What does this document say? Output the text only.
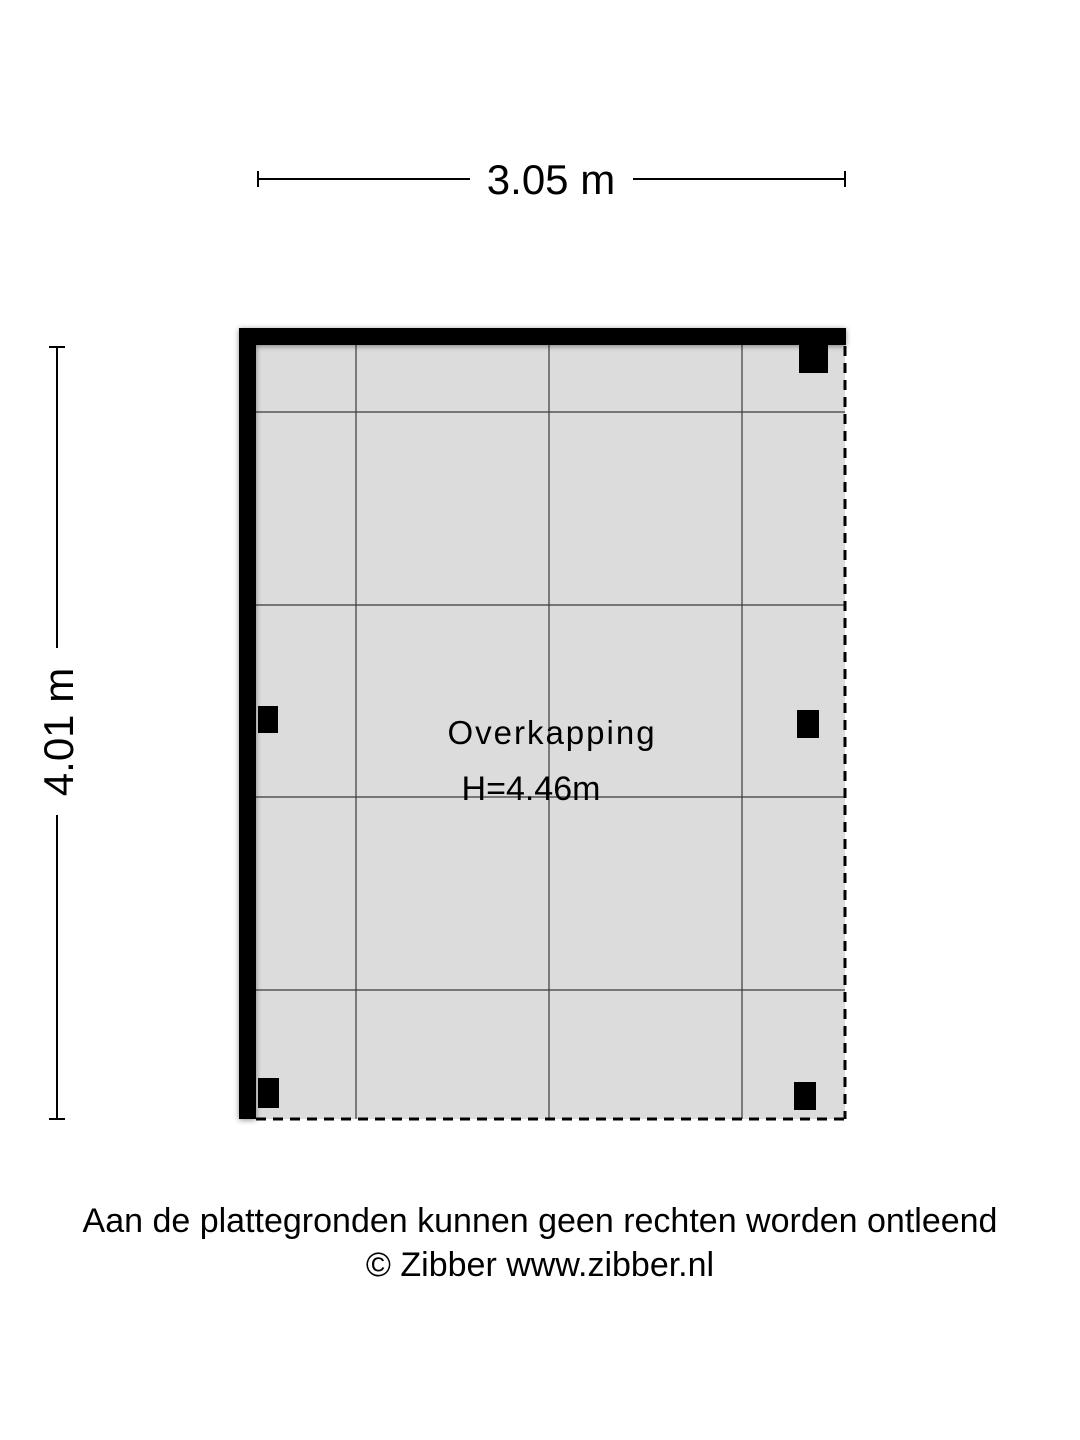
3.05 m
4.01 m	Overkapping
H=4.46m
Aan de plattegronden kunnen geen rechten worden ontleend
© Zibber www.zibber.nl
